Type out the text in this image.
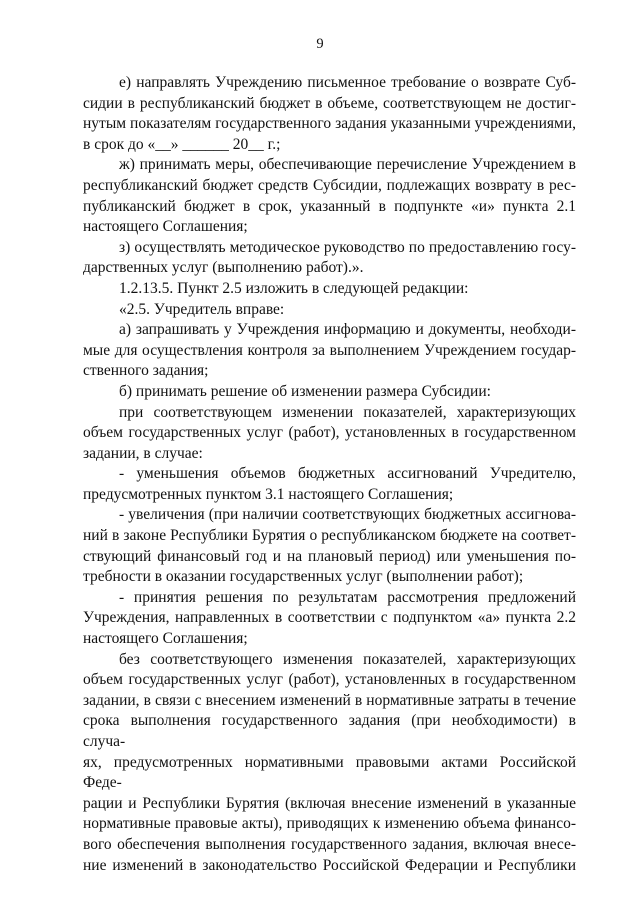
9

е) направлять Учреждению письменное требование о возврате Суб-
сидии в республиканский бюджет в объеме, соответствующем не достиг-
нутым показателям государственного задания указанными учреждениями,
в срок до «__» ______ 20__ г.;

ж) принимать меры, обеспечивающие перечисление Учреждением в
республиканский бюджет средств Субсидии, подлежащих возврату в рес-
публиканский бюджет в срок, указанный в подпункте «и» пункта 2.1
настоящего Соглашения;

з) осуществлять методическое руководство по предоставлению госу-
дарственных услуг (выполнению работ).».

1.2.13.5. Пункт 2.5 изложить в следующей редакции:

«2.5. Учредитель вправе:

а) запрашивать у Учреждения информацию и документы, необходи-
мые для осуществления контроля за выполнением Учреждением государ-
ственного задания;

б) принимать решение об изменении размера Субсидии:

при соответствующем изменении показателей, характеризующих
объем государственных услуг (работ), установленных в государственном
задании, в случае:

- уменьшения объемов бюджетных ассигнований Учредителю,
предусмотренных пунктом 3.1 настоящего Соглашения;

- увеличения (при наличии соответствующих бюджетных ассигнова-
ний в законе Республики Бурятия о республиканском бюджете на соответ-
ствующий финансовый год и на плановый период) или уменьшения по-
требности в оказании государственных услуг (выполнении работ);

- принятия решения по результатам рассмотрения предложений
Учреждения, направленных в соответствии с подпунктом «а» пункта 2.2
настоящего Соглашения;

без соответствующего изменения показателей, характеризующих
объем государственных услуг (работ), установленных в государственном
задании, в связи с внесением изменений в нормативные затраты в течение
срока выполнения государственного задания (при необходимости) в случа-
ях, предусмотренных нормативными правовыми актами Российской Феде-
рации и Республики Бурятия (включая внесение изменений в указанные
нормативные правовые акты), приводящих к изменению объема финансо-
вого обеспечения выполнения государственного задания, включая внесе-
ние изменений в законодательство Российской Федерации и Республики
